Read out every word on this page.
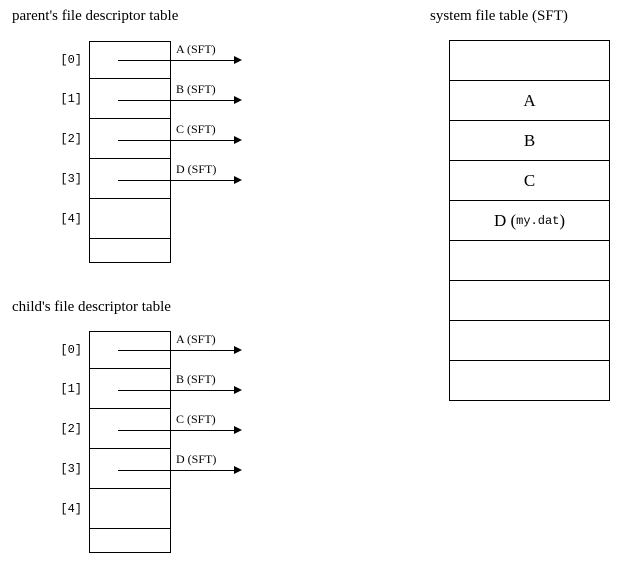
parent's file descriptor table
[0]
[1]
[2]
[3]
[4]
A (SFT)
B (SFT)
C (SFT)
D (SFT)
child's file descriptor table
[0]
[1]
[2]
[3]
[4]
A (SFT)
B (SFT)
C (SFT)
D (SFT)
system file table (SFT)
A
B
C
D ( my.dat )
